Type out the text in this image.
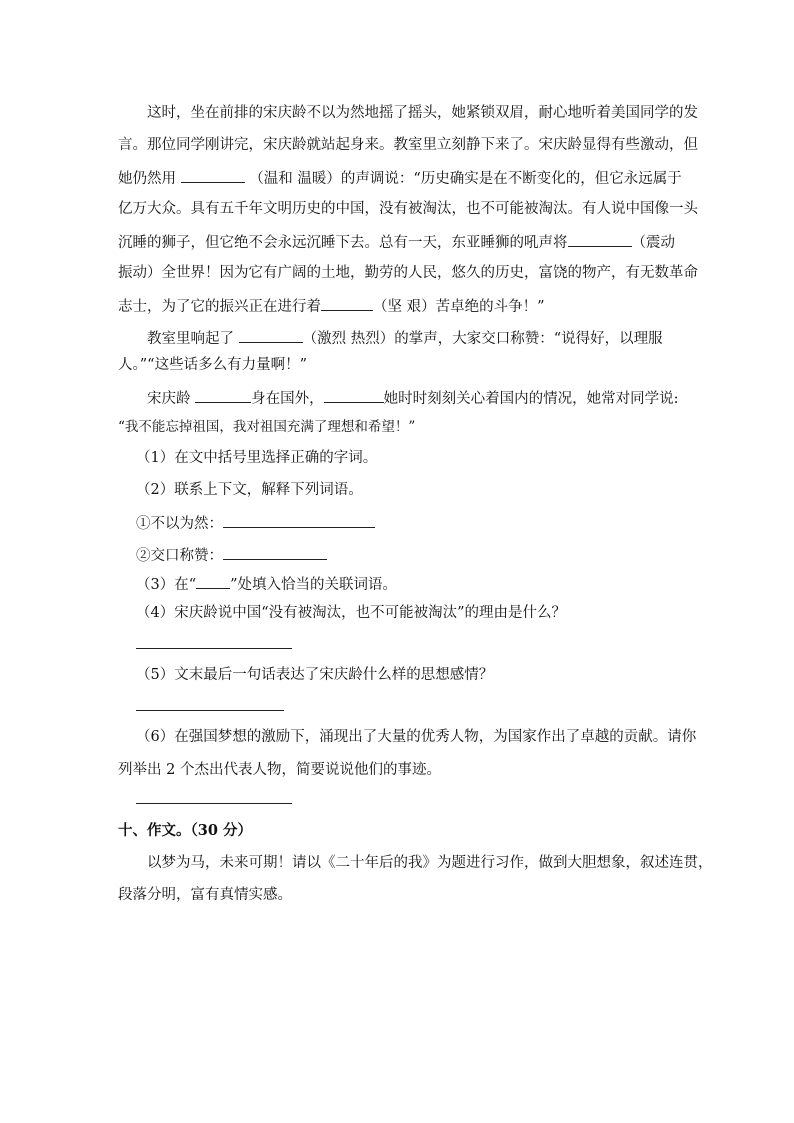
这时，坐在前排的宋庆龄不以为然地摇了摇头，她紧锁双眉，耐心地听着美国同学的发
言。那位同学刚讲完，宋庆龄就站起身来。教室里立刻静下来了。宋庆龄显得有些激动，但
她仍然用	（温和 温暖）的声调说：“历史确实是在不断变化的，但它永远属于
亿万大众。具有五千年文明历史的中国，没有被淘汰，也不可能被淘汰。有人说中国像一头
沉睡的狮子，但它绝不会永远沉睡下去。总有一天，东亚睡狮的吼声将	（震动
振动）全世界！因为它有广阔的土地，勤劳的人民，悠久的历史，富饶的物产，有无数革命
志士，为了它的振兴正在进行着	（坚 艰）苦卓绝的斗争！”
教室里响起了	（激烈 热烈）的掌声，大家交口称赞：“说得好，以理服
人。”“这些话多么有力量啊！”
宋庆龄	身在国外，	她时时刻刻关心着国内的情况，她常对同学说:
“我不能忘掉祖国，我对祖国充满了理想和希望！”
（1）在文中括号里选择正确的字词。
（2）联系上下文，解释下列词语。
①不以为然：
②交口称赞：
（3）在“ ”处填入恰当的关联词语。
（4）宋庆龄说中国“没有被淘汰，也不可能被淘汰”的理由是什么？
（5）文末最后一句话表达了宋庆龄什么样的思想感情？
（6）在强国梦想的激励下，涌现出了大量的优秀人物，为国家作出了卓越的贡献。请你
列举出 2 个杰出代表人物，简要说说他们的事迹。
十、作文。（30 分）
以梦为马，未来可期！请以《二十年后的我》为题进行习作，做到大胆想象，叙述连贯，
段落分明，富有真情实感。
